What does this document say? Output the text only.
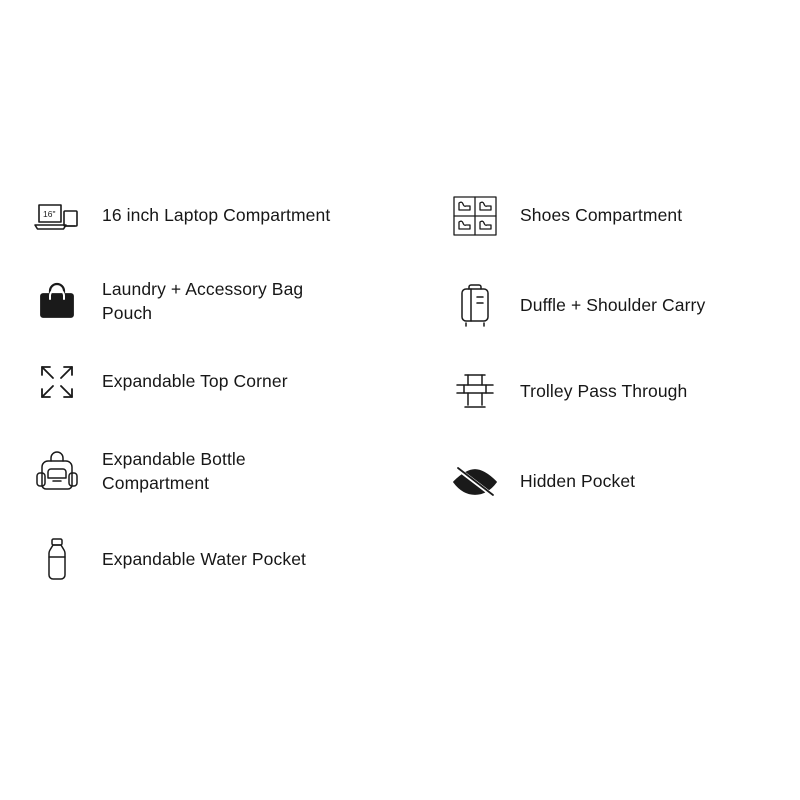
16"	16 inch Laptop Compartment
Laundry + Accessory Bag Pouch
Expandable Top Corner
Expandable Bottle Compartment
Expandable Water Pocket
Shoes Compartment
Duffle + Shoulder Carry
Trolley Pass Through
Hidden Pocket
